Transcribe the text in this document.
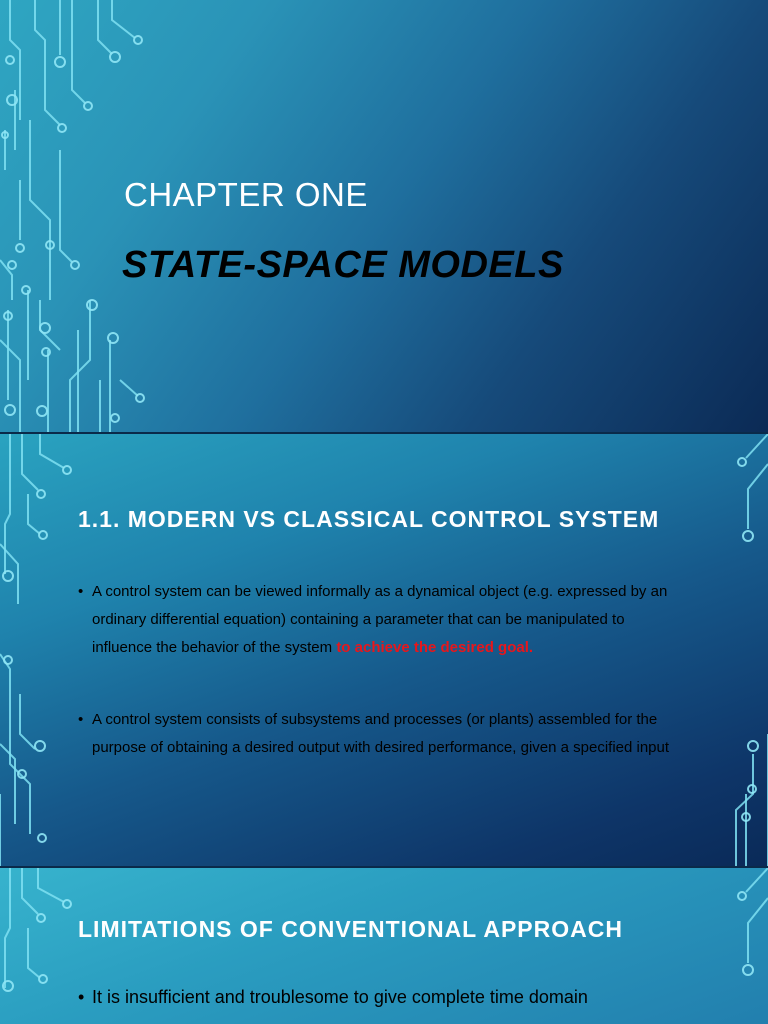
CHAPTER ONE
STATE-SPACE MODELS
1.1. MODERN VS CLASSICAL CONTROL SYSTEM
• A control system can be viewed informally as a dynamical object (e.g. expressed by an ordinary differential equation) containing a parameter that can be manipulated to influence the behavior of the system to achieve the desired goal.
• A control system consists of subsystems and processes (or plants) assembled for the purpose of obtaining a desired output with desired performance, given a specified input
LIMITATIONS OF CONVENTIONAL APPROACH
• It is insufficient and troublesome to give complete time domain
